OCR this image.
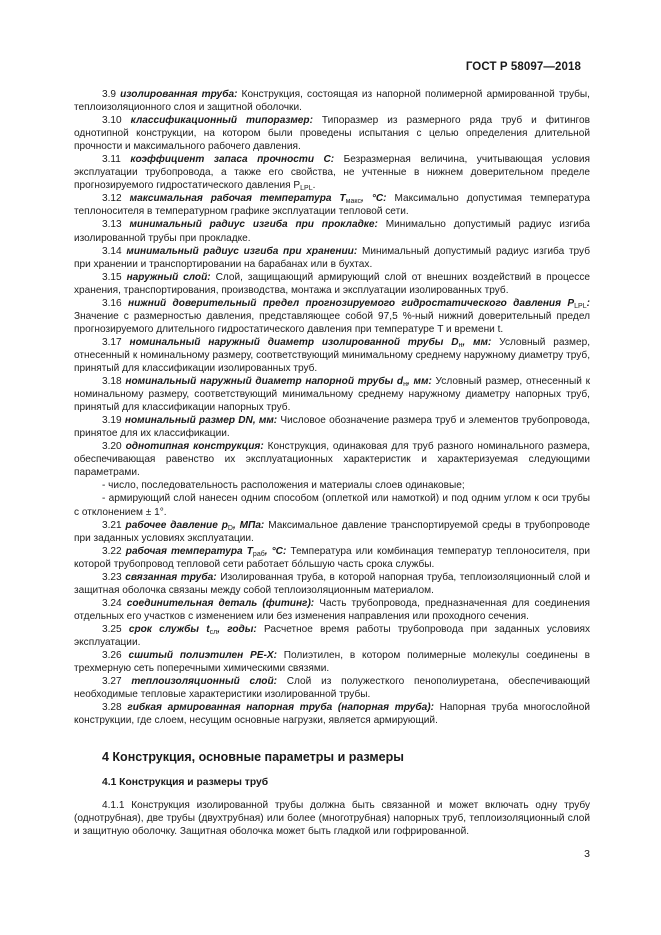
ГОСТ Р 58097—2018

3.9 изолированная труба: Конструкция, состоящая из напорной полимерной армированной трубы, теплоизоляционного слоя и защитной оболочки.

3.10 классификационный типоразмер: Типоразмер из размерного ряда труб и фитингов однотипной конструкции, на котором были проведены испытания с целью определения длительной прочности и максимального рабочего давления.

3.11 коэффициент запаса прочности С: Безразмерная величина, учитывающая условия эксплуатации трубопровода, а также его свойства, не учтенные в нижнем доверительном пределе прогнозируемого гидростатического давления $P_{LPL}$.

3.12 максимальная рабочая температура $T_{макс}$, °С: Максимально допустимая температура теплоносителя в температурном графике эксплуатации тепловой сети.

3.13 минимальный радиус изгиба при прокладке: Минимально допустимый радиус изгиба изолированной трубы при прокладке.

3.14 минимальный радиус изгиба при хранении: Минимальный допустимый радиус изгиба труб при хранении и транспортировании на барабанах или в бухтах.

3.15 наружный слой: Слой, защищающий армирующий слой от внешних воздействий в процессе хранения, транспортирования, производства, монтажа и эксплуатации изолированных труб.

3.16 нижний доверительный предел прогнозируемого гидростатического давления $P_{LPL}$: Значение с размерностью давления, представляющее собой 97,5 %-ный нижний доверительный предел прогнозируемого длительного гидростатического давления при температуре T и времени t.

3.17 номинальный наружный диаметр изолированной трубы $D_н$, мм: Условный размер, отнесенный к номинальному размеру, соответствующий минимальному среднему наружному диаметру труб, принятый для классификации изолированных труб.

3.18 номинальный наружный диаметр напорной трубы $d_н$, мм: Условный размер, отнесенный к номинальному размеру, соответствующий минимальному среднему наружному диаметру напорных труб, принятый для классификации напорных труб.

3.19 номинальный размер DN, мм: Числовое обозначение размера труб и элементов трубопровода, принятое для их классификации.

3.20 однотипная конструкция: Конструкция, одинаковая для труб разного номинального размера, обеспечивающая равенство их эксплуатационных характеристик и характеризуемая следующими параметрами.

- число, последовательность расположения и материалы слоев одинаковые;

- армирующий слой нанесен одним способом (оплеткой или намоткой) и под одним углом к оси трубы с отклонением ± 1°.

3.21 рабочее давление $p_D$, МПа: Максимальное давление транспортируемой среды в трубопроводе при заданных условиях эксплуатации.

3.22 рабочая температура $T_{раб}$, °С: Температура или комбинация температур теплоносителя, при которой трубопровод тепловой сети работает бóльшую часть срока службы.

3.23 связанная труба: Изолированная труба, в которой напорная труба, теплоизоляционный слой и защитная оболочка связаны между собой теплоизоляционным материалом.

3.24 соединительная деталь (фитинг): Часть трубопровода, предназначенная для соединения отдельных его участков с изменением или без изменения направления или проходного сечения.

3.25 срок службы $t_{сл}$, годы: Расчетное время работы трубопровода при заданных условиях эксплуатации.

3.26 сшитый полиэтилен PE-X: Полиэтилен, в котором полимерные молекулы соединены в трехмерную сеть поперечными химическими связями.

3.27 теплоизоляционный слой: Слой из полужесткого пенополиуретана, обеспечивающий необходимые тепловые характеристики изолированной трубы.

3.28 гибкая армированная напорная труба (напорная труба): Напорная труба многослойной конструкции, где слоем, несущим основные нагрузки, является армирующий.

4 Конструкция, основные параметры и размеры
4.1 Конструкция и размеры труб

4.1.1 Конструкция изолированной трубы должна быть связанной и может включать одну трубу (однотрубная), две трубы (двухтрубная) или более (многотрубная) напорных труб, теплоизоляционный слой и защитную оболочку. Защитная оболочка может быть гладкой или гофрированной.

3
